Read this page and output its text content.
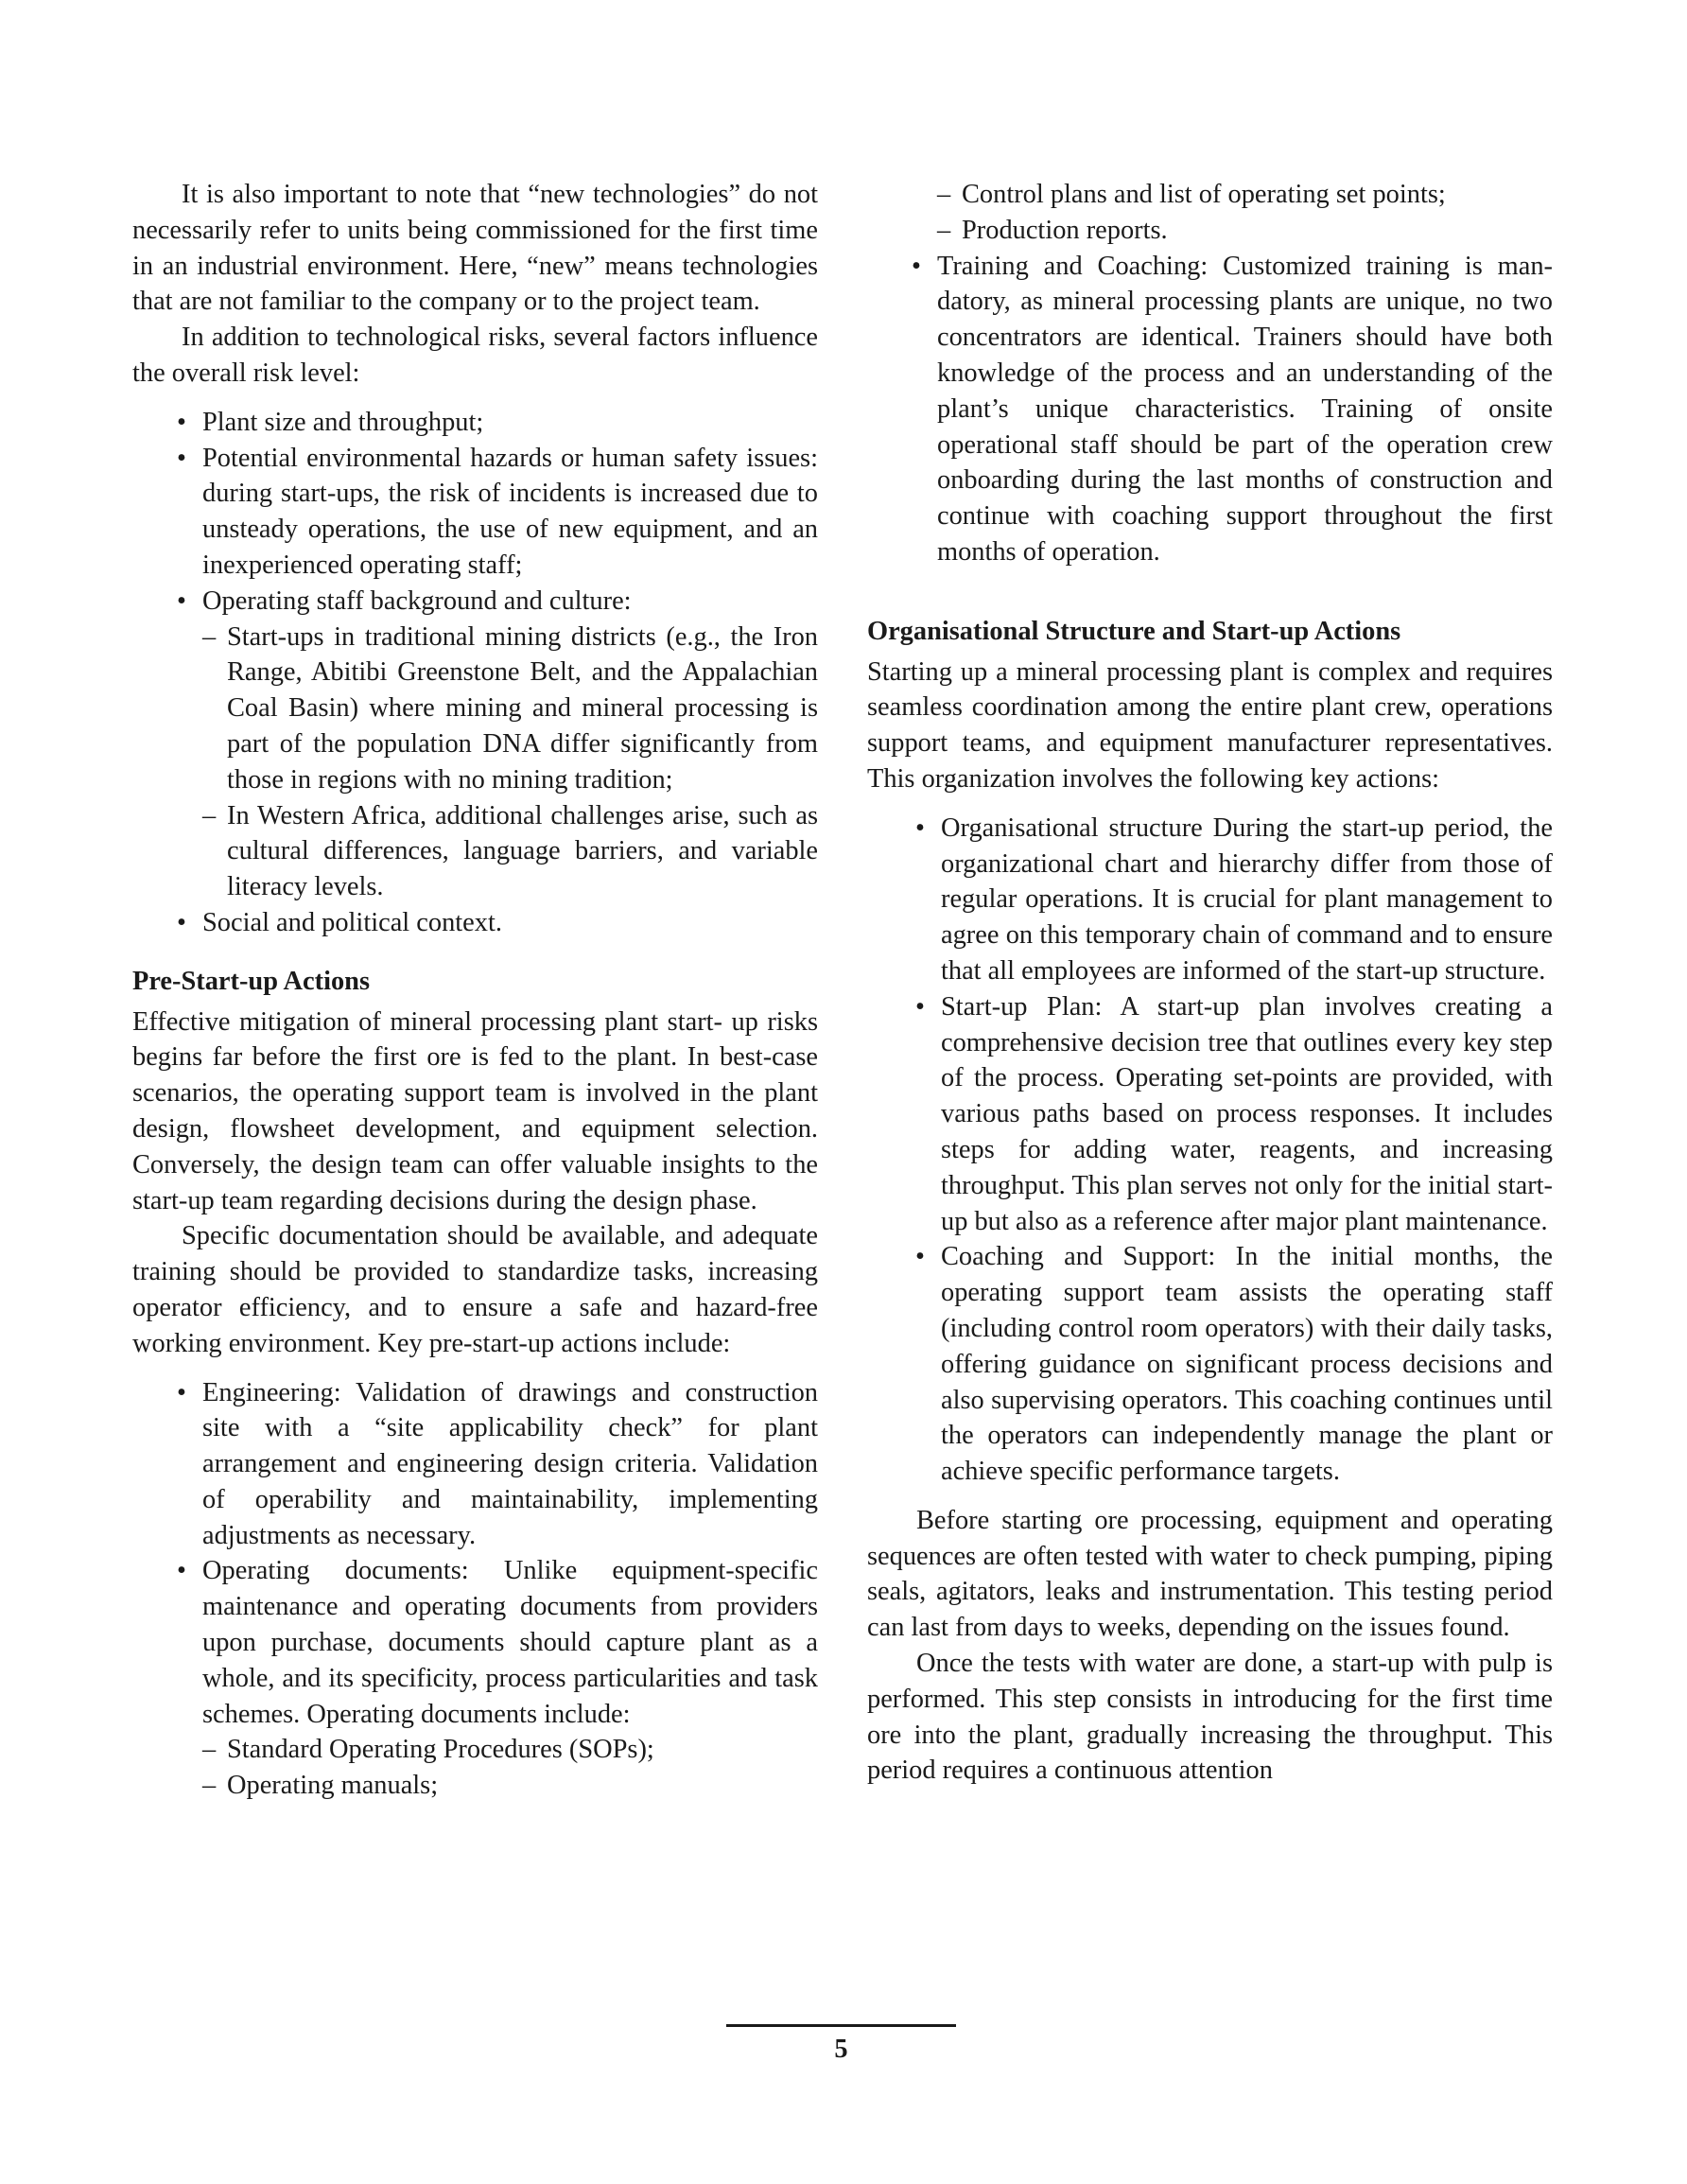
It is also important to note that “new technologies” do not necessarily refer to units being commissioned for the first time in an industrial environment. Here, “new” means technologies that are not familiar to the company or to the project team.

In addition to technological risks, several factors influence the overall risk level:

• Plant size and throughput;
• Potential environmental hazards or human safety issues: during start-ups, the risk of incidents is increased due to unsteady operations, the use of new equipment, and an inexperienced operating staff;
• Operating staff background and culture:
– Start-ups in traditional mining districts (e.g., the Iron Range, Abitibi Greenstone Belt, and the Appalachian Coal Basin) where mining and mineral processing is part of the population DNA differ significantly from those in regions with no mining tradition;
– In Western Africa, additional challenges arise, such as cultural differences, language barriers, and variable literacy levels.
• Social and political context.
Pre-Start-up Actions

Effective mitigation of mineral processing plant start- up risks begins far before the first ore is fed to the plant. In best-case scenarios, the operating support team is involved in the plant design, flowsheet development, and equipment selection. Conversely, the design team can offer valuable insights to the start-up team regarding decisions during the design phase.

Specific documentation should be available, and adequate training should be provided to standardize tasks, increasing operator efficiency, and to ensure a safe and hazard-free working environment. Key pre-start-up actions include:

• Engineering: Validation of drawings and construction site with a “site applicability check” for plant arrangement and engineering design criteria. Validation of operability and maintainability, implementing adjustments as necessary.
• Operating documents: Unlike equipment-specific maintenance and operating documents from providers upon purchase, documents should capture plant as a whole, and its specificity, process particularities and task schemes. Operating documents include:
– Standard Operating Procedures (SOPs);
– Operating manuals;
– Control plans and list of operating set points;
– Production reports.
• Training and Coaching: Customized training is mandatory, as mineral processing plants are unique, no two concentrators are identical. Trainers should have both knowledge of the process and an understanding of the plant’s unique characteristics. Training of onsite operational staff should be part of the operation crew onboarding during the last months of construction and continue with coaching support throughout the first months of operation.
Organisational Structure and Start-up Actions

Starting up a mineral processing plant is complex and requires seamless coordination among the entire plant crew, operations support teams, and equipment manufacturer representatives. This organization involves the following key actions:

• Organisational structure During the start-up period, the organizational chart and hierarchy differ from those of regular operations. It is crucial for plant management to agree on this temporary chain of command and to ensure that all employees are informed of the start-up structure.
• Start-up Plan: A start-up plan involves creating a comprehensive decision tree that outlines every key step of the process. Operating set-points are provided, with various paths based on process responses. It includes steps for adding water, reagents, and increasing throughput. This plan serves not only for the initial start-up but also as a reference after major plant maintenance.
• Coaching and Support: In the initial months, the operating support team assists the operating staff (including control room operators) with their daily tasks, offering guidance on significant process decisions and also supervising operators. This coaching continues until the operators can independently manage the plant or achieve specific performance targets.

Before starting ore processing, equipment and operating sequences are often tested with water to check pumping, piping seals, agitators, leaks and instrumentation. This testing period can last from days to weeks, depending on the issues found.

Once the tests with water are done, a start-up with pulp is performed. This step consists in introducing for the first time ore into the plant, gradually increasing the throughput. This period requires a continuous attention

5
